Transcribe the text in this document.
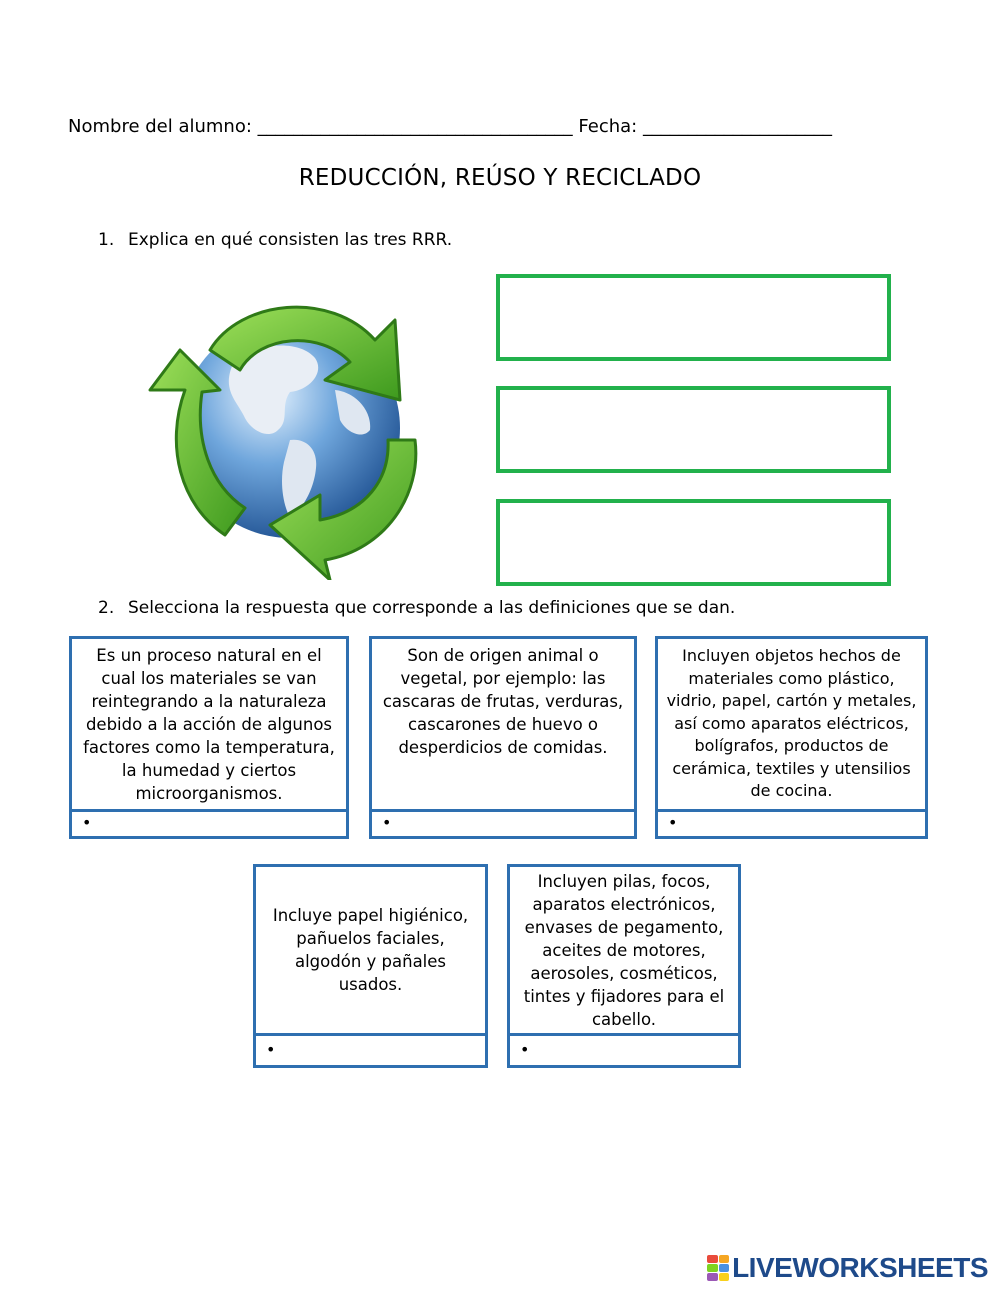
Nombre del alumno: ___________________________________ Fecha: _____________________
REDUCCIÓN, REÚSO Y RECICLADO
1. Explica en qué consisten las tres RRR.
2. Selecciona la respuesta que corresponde a las definiciones que se dan.
Es un proceso natural en el cual los materiales se van reintegrando a la naturaleza debido a la acción de algunos factores como la temperatura, la humedad y ciertos microorganismos.
•
Son de origen animal o vegetal, por ejemplo: las cascaras de frutas, verduras, cascarones de huevo o desperdicios de comidas.
•
Incluyen objetos hechos de materiales como plástico, vidrio, papel, cartón y metales, así como aparatos eléctricos, bolígrafos, productos de cerámica, textiles y utensilios de cocina.
•
Incluye papel higiénico, pañuelos faciales, algodón y pañales usados.
•
Incluyen pilas, focos, aparatos electrónicos, envases de pegamento, aceites de motores, aerosoles, cosméticos, tintes y fijadores para el cabello.
•
LIVEWORKSHEETS
